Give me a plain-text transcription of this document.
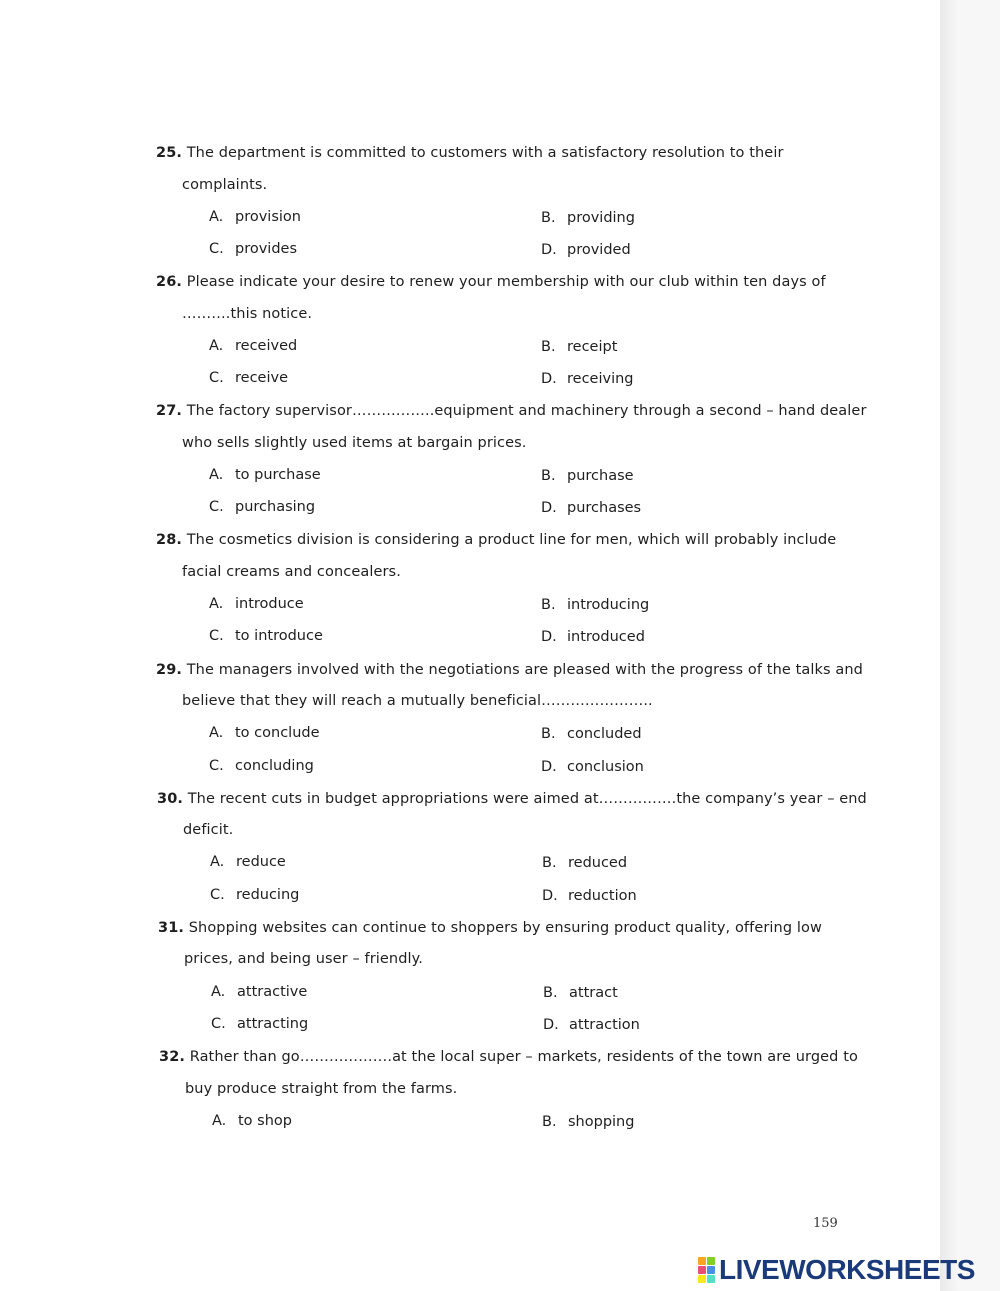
25. The department is committed to customers with a satisfactory resolution to their
complaints.
A. provision	B. providing
C. provides	D. provided
26. Please indicate your desire to renew your membership with our club within ten days of
……….this notice.
A. received	B. receipt
C. receive	D. receiving
27. The factory supervisor……………..equipment and machinery through a second – hand dealer
who sells slightly used items at bargain prices.
A. to purchase	B. purchase
C. purchasing	D. purchases
28. The cosmetics division is considering a product line for men, which will probably include
facial creams and concealers.
A. introduce	B. introducing
C. to introduce	D. introduced
29. The managers involved with the negotiations are pleased with the progress of the talks and
believe that they will reach a mutually beneficial…………………..
A. to conclude	B. concluded
C. concluding	D. conclusion
30. The recent cuts in budget appropriations were aimed at…………….the company’s year – end
deficit.
A. reduce	B. reduced
C. reducing	D. reduction
31. Shopping websites can continue to shoppers by ensuring product quality, offering low
prices, and being user – friendly.
A. attractive	B. attract
C. attracting	D. attraction
32. Rather than go……………….at the local super – markets, residents of the town are urged to
buy produce straight from the farms.
A. to shop	B. shopping
159
LIVEWORKSHEETS
